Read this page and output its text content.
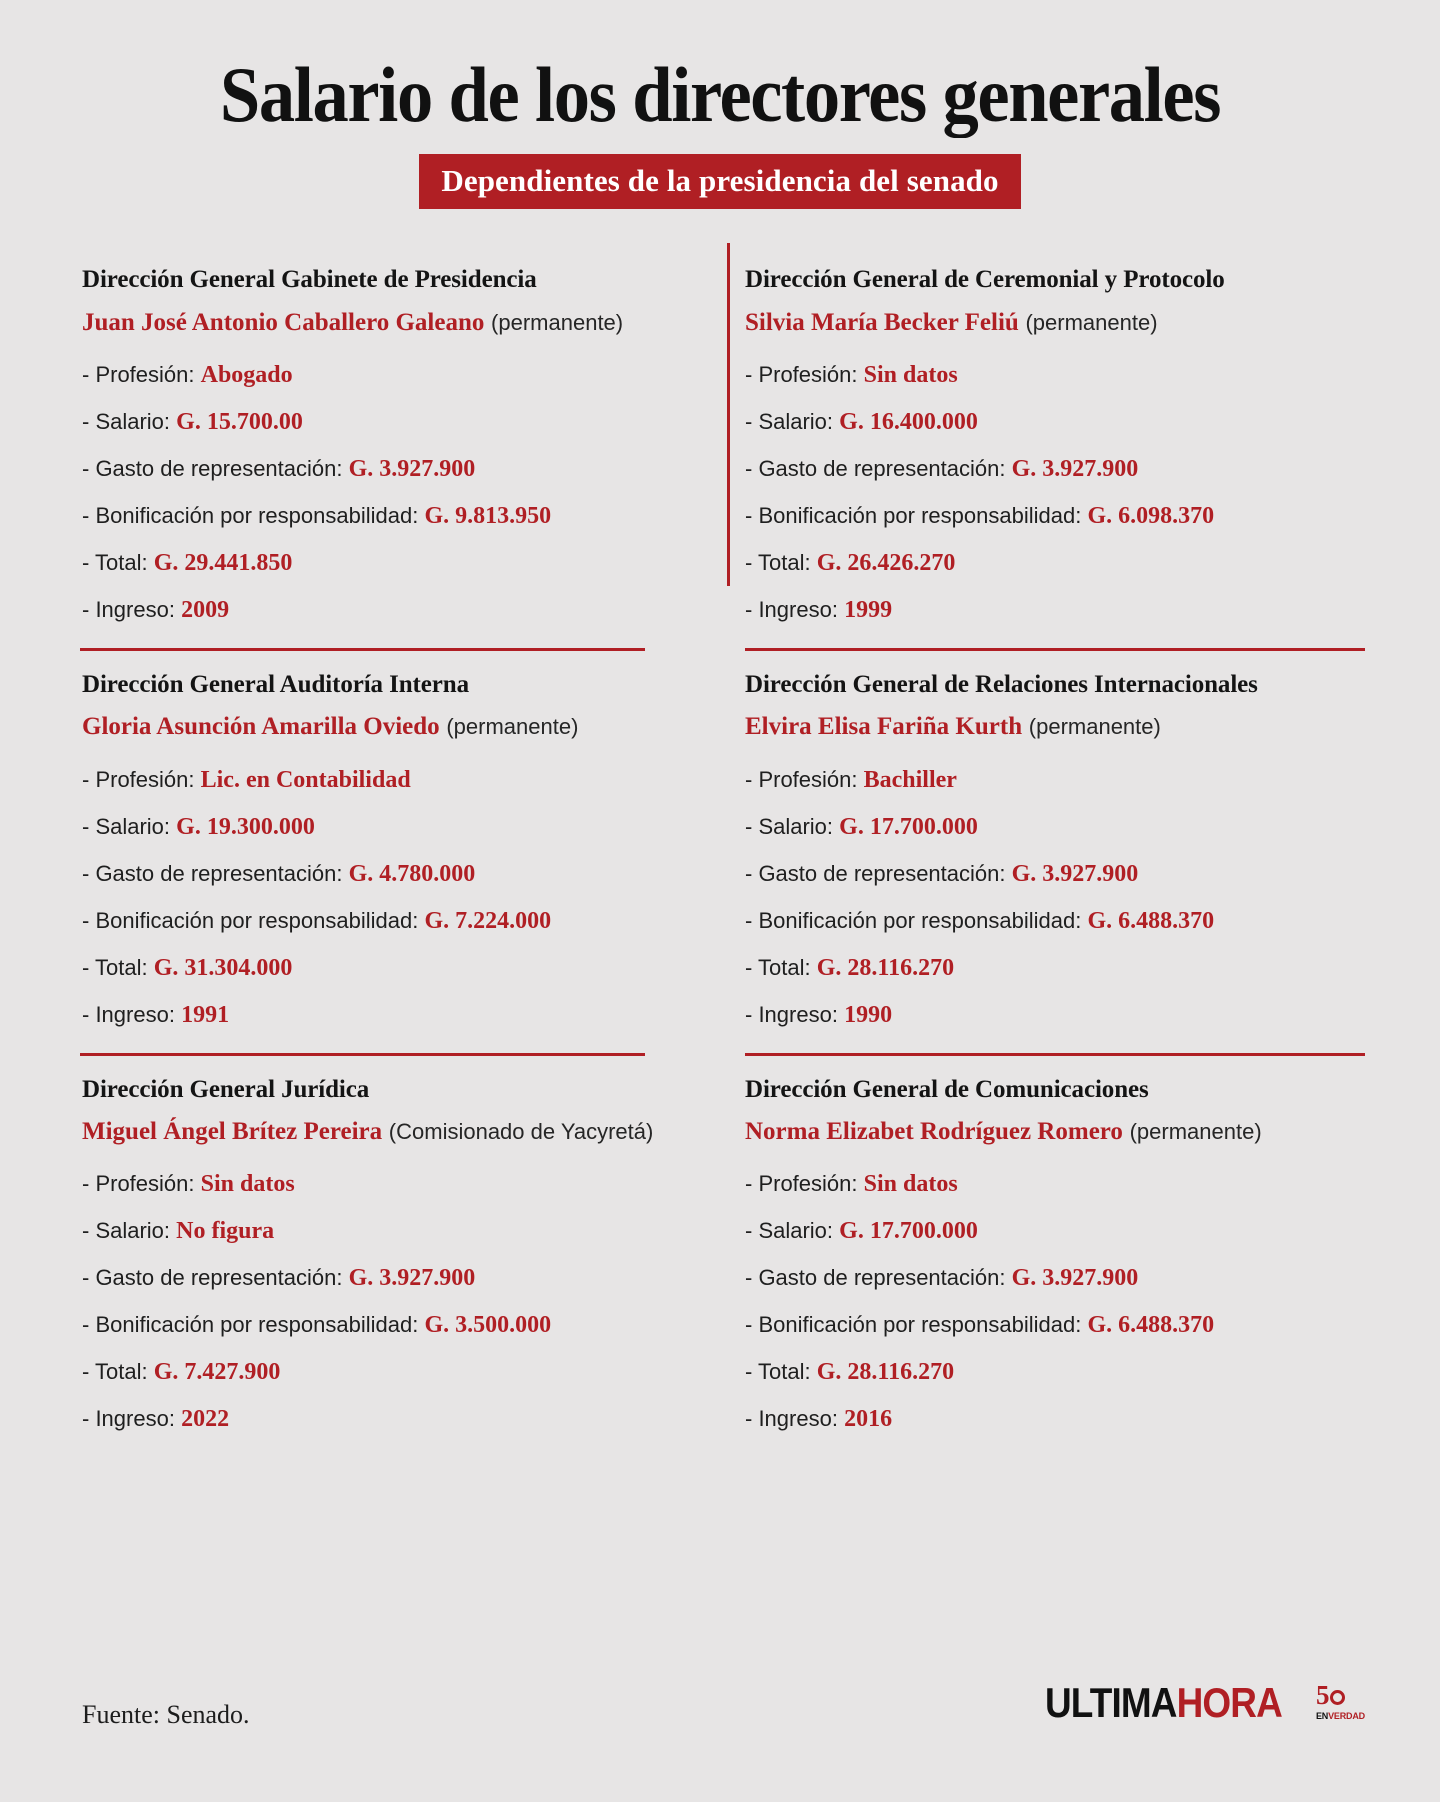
Salario de los directores generales
Dependientes de la presidencia del senado
Dirección General Gabinete de Presidencia
Juan José Antonio Caballero Galeano (permanente)
- Profesión: Abogado
- Salario: G. 15.700.00
- Gasto de representación: G. 3.927.900
- Bonificación por responsabilidad: G. 9.813.950
- Total: G. 29.441.850
- Ingreso: 2009
Dirección General de Ceremonial y Protocolo
Silvia María Becker Feliú (permanente)
- Profesión: Sin datos
- Salario: G. 16.400.000
- Gasto de representación: G. 3.927.900
- Bonificación por responsabilidad: G. 6.098.370
- Total: G. 26.426.270
- Ingreso: 1999
Dirección General Auditoría Interna
Gloria Asunción Amarilla Oviedo (permanente)
- Profesión: Lic. en Contabilidad
- Salario: G. 19.300.000
- Gasto de representación: G. 4.780.000
- Bonificación por responsabilidad: G. 7.224.000
- Total: G. 31.304.000
- Ingreso: 1991
Dirección General de Relaciones Internacionales
Elvira Elisa Fariña Kurth (permanente)
- Profesión: Bachiller
- Salario: G. 17.700.000
- Gasto de representación: G. 3.927.900
- Bonificación por responsabilidad: G. 6.488.370
- Total: G. 28.116.270
- Ingreso: 1990
Dirección General Jurídica
Miguel Ángel Brítez Pereira (Comisionado de Yacyretá)
- Profesión: Sin datos
- Salario: No figura
- Gasto de representación: G. 3.927.900
- Bonificación por responsabilidad: G. 3.500.000
- Total: G. 7.427.900
- Ingreso: 2022
Dirección General de Comunicaciones
Norma Elizabet Rodríguez Romero (permanente)
- Profesión: Sin datos
- Salario: G. 17.700.000
- Gasto de representación: G. 3.927.900
- Bonificación por responsabilidad: G. 6.488.370
- Total: G. 28.116.270
- Ingreso: 2016
Fuente: Senado.	ULTIMAHORA 5
ENVERDAD
